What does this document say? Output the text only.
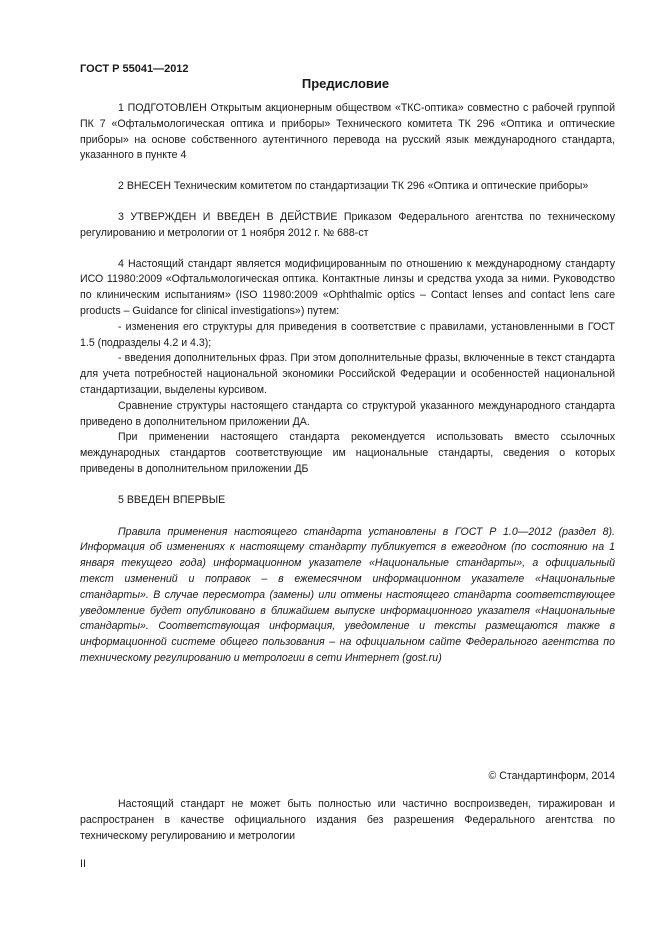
ГОСТ Р 55041—2012
Предисловие

1 ПОДГОТОВЛЕН Открытым акционерным обществом «ТКС-оптика» совместно с рабочей группой ПК 7 «Офтальмологическая оптика и приборы» Технического комитета ТК 296 «Оптика и оптические приборы» на основе собственного аутентичного перевода на русский язык международного стандарта, указанного в пункте 4

2 ВНЕСЕН Техническим комитетом по стандартизации ТК 296 «Оптика и оптические приборы»

3 УТВЕРЖДЕН И ВВЕДЕН В ДЕЙСТВИЕ Приказом Федерального агентства по техническому регулированию и метрологии от 1 ноября 2012 г. № 688-ст

4 Настоящий стандарт является модифицированным по отношению к международному стандарту ИСО 11980:2009 «Офтальмологическая оптика. Контактные линзы и средства ухода за ними. Руководство по клиническим испытаниям» (ISO 11980:2009 «Ophthalmic optics – Contact lenses and contact lens care products – Guidance for clinical investigations») путем:

- изменения его структуры для приведения в соответствие с правилами, установленными в ГОСТ 1.5 (подразделы 4.2 и 4.3);

- введения дополнительных фраз. При этом дополнительные фразы, включенные в текст стандарта для учета потребностей национальной экономики Российской Федерации и особенностей национальной стандартизации, выделены курсивом.

Сравнение структуры настоящего стандарта со структурой указанного международного стандарта приведено в дополнительном приложении ДА.

При применении настоящего стандарта рекомендуется использовать вместо ссылочных международных стандартов соответствующие им национальные стандарты, сведения о которых приведены в дополнительном приложении ДБ

5 ВВЕДЕН ВПЕРВЫЕ

Правила применения настоящего стандарта установлены в ГОСТ Р 1.0—2012 (раздел 8). Информация об изменениях к настоящему стандарту публикуется в ежегодном (по состоянию на 1 января текущего года) информационном указателе «Национальные стандарты», а официальный текст изменений и поправок – в ежемесячном информационном указателе «Национальные стандарты». В случае пересмотра (замены) или отмены настоящего стандарта соответствующее уведомление будет опубликовано в ближайшем выпуске информационного указателя «Национальные стандарты». Соответствующая информация, уведомление и тексты размещаются также в информационной системе общего пользования – на официальном сайте Федерального агентства по техническому регулированию и метрологии в сети Интернет (gost.ru)

© Стандартинформ, 2014

Настоящий стандарт не может быть полностью или частично воспроизведен, тиражирован и распространен в качестве официального издания без разрешения Федерального агентства по техническому регулированию и метрологии

II
